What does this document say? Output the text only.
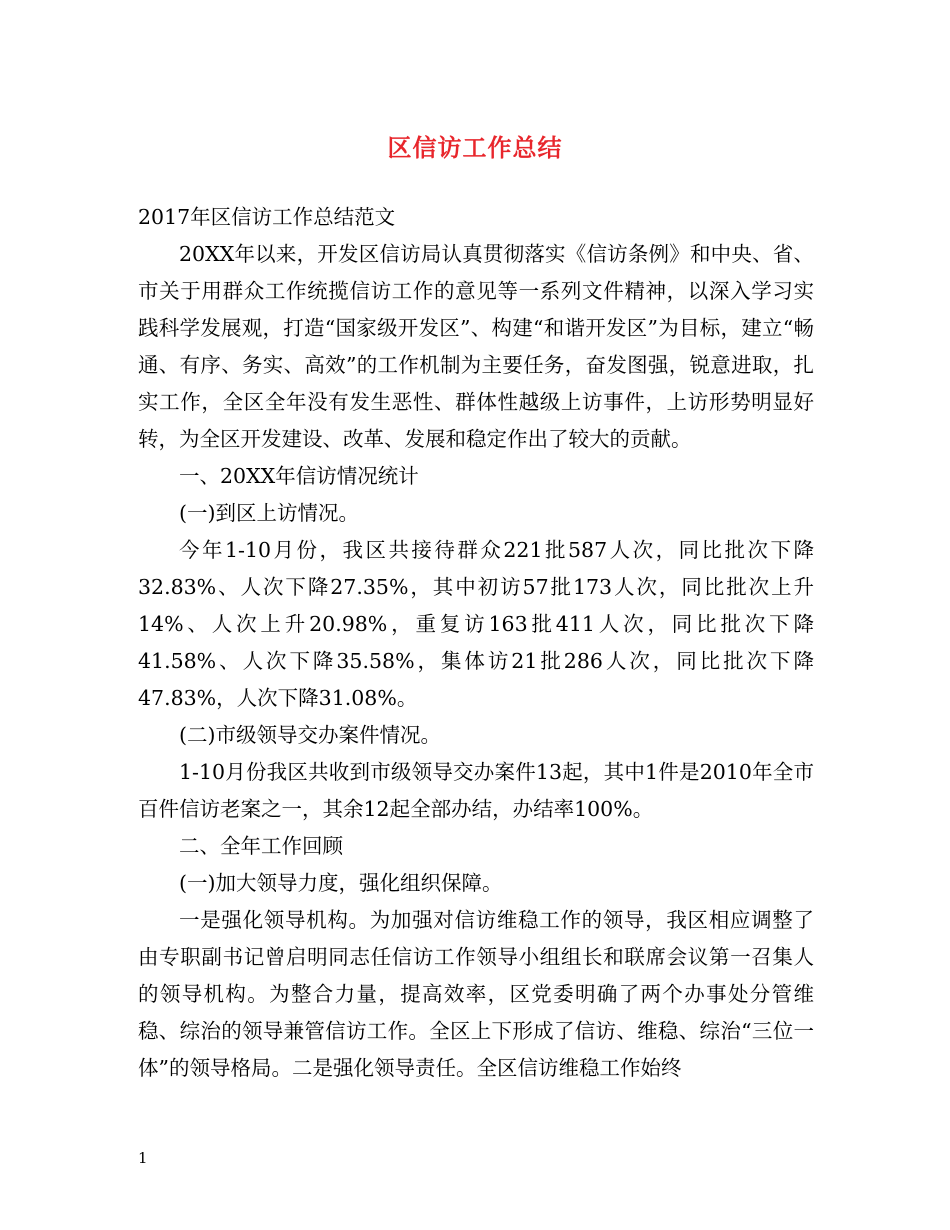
区信访工作总结

2017年区信访工作总结范文

20XX年以来，开发区信访局认真贯彻落实《信访条例》和中央、省、市关于用群众工作统揽信访工作的意见等一系列文件精神，以深入学习实践科学发展观，打造“国家级开发区”、构建“和谐开发区”为目标，建立“畅通、有序、务实、高效”的工作机制为主要任务，奋发图强，锐意进取，扎实工作，全区全年没有发生恶性、群体性越级上访事件，上访形势明显好转，为全区开发建设、改革、发展和稳定作出了较大的贡献。

一、20XX年信访情况统计

(一)到区上访情况。

今年1-10月份，我区共接待群众221批587人次，同比批次下降32.83%、人次下降27.35%，其中初访57批173人次，同比批次上升14%、人次上升20.98%，重复访163批411人次，同比批次下降41.58%、人次下降35.58%，集体访21批286人次，同比批次下降47.83%，人次下降31.08%。

(二)市级领导交办案件情况。

1-10月份我区共收到市级领导交办案件13起，其中1件是2010年全市百件信访老案之一，其余12起全部办结，办结率100%。

二、全年工作回顾

(一)加大领导力度，强化组织保障。

一是强化领导机构。为加强对信访维稳工作的领导，我区相应调整了由专职副书记曾启明同志任信访工作领导小组组长和联席会议第一召集人的领导机构。为整合力量，提高效率，区党委明确了两个办事处分管维稳、综治的领导兼管信访工作。全区上下形成了信访、维稳、综治“三位一体”的领导格局。二是强化领导责任。全区信访维稳工作始终

1
